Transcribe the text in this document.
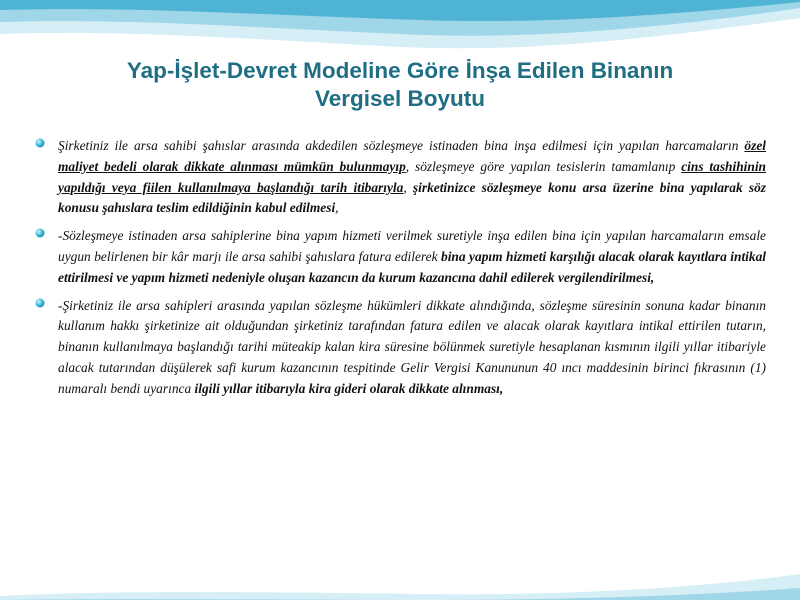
Yap-İşlet-Devret Modeline Göre İnşa Edilen Binanın
Vergisel Boyutu
Şirketiniz ile arsa sahibi şahıslar arasında akdedilen sözleşmeye istinaden bina inşa edilmesi için yapılan harcamaların özel maliyet bedeli olarak dikkate alınması mümkün bulunmayıp, sözleşmeye göre yapılan tesislerin tamamlanıp cins tashihinin yapıldığı veya fiilen kullanılmaya başlandığı tarih itibarıyla, şirketinizce sözleşmeye konu arsa üzerine bina yapılarak söz konusu şahıslara teslim edildiğinin kabul edilmesi,
-Sözleşmeye istinaden arsa sahiplerine bina yapım hizmeti verilmek suretiyle inşa edilen bina için yapılan harcamaların emsale uygun belirlenen bir kâr marjı ile arsa sahibi şahıslara fatura edilerek bina yapım hizmeti karşılığı alacak olarak kayıtlara intikal ettirilmesi ve yapım hizmeti nedeniyle oluşan kazancın da kurum kazancına dahil edilerek vergilendirilmesi,
-Şirketiniz ile arsa sahipleri arasında yapılan sözleşme hükümleri dikkate alındığında, sözleşme süresinin sonuna kadar binanın kullanım hakkı şirketinize ait olduğundan şirketiniz tarafından fatura edilen ve alacak olarak kayıtlara intikal ettirilen tutarın, binanın kullanılmaya başlandığı tarihi müteakip kalan kira süresine bölünmek suretiyle hesaplanan kısmının ilgili yıllar itibariyle alacak tutarından düşülerek safi kurum kazancının tespitinde Gelir Vergisi Kanununun 40 ıncı maddesinin birinci fıkrasının (1) numaralı bendi uyarınca ilgili yıllar itibarıyla kira gideri olarak dikkate alınması,
